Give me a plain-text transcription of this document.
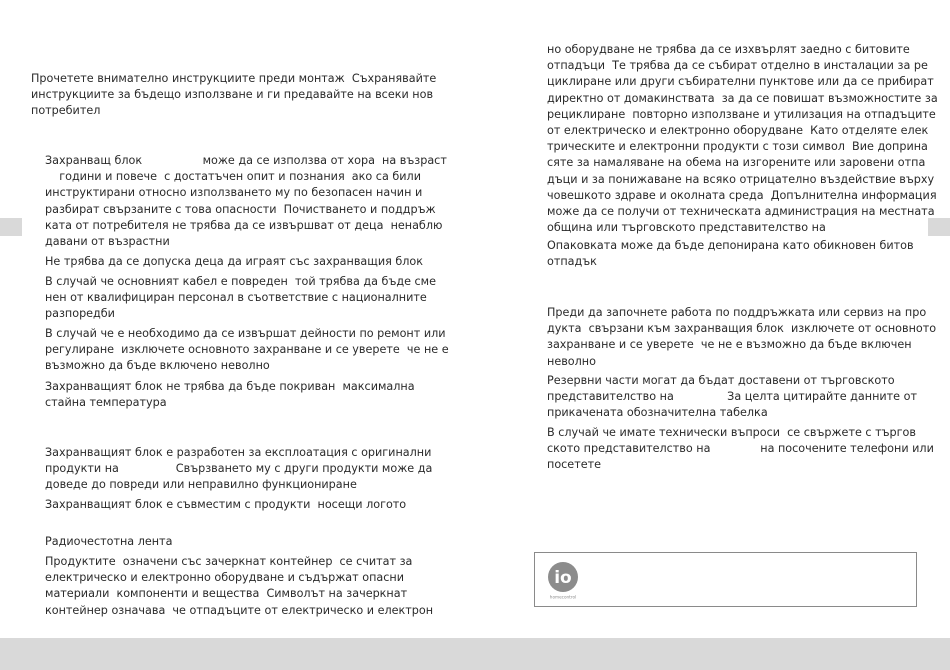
Прочетете внимателно инструкциите преди монтаж  Съхранявайте
инструкциите за бъдещо използване и ги предавайте на всеки нов
потребител

Захранващ блок                 може да се използва от хора  на възраст
години и повече  с достатъчен опит и познания  ако са били
инструктирани относно използването му по безопасен начин и
разбират свързаните с това опасности  Почистването и поддръж
ката от потребителя не трябва да се извършват от деца  ненаблю
давани от възрастни

Не трябва да се допуска деца да играят със захранващия блок

В случай че основният кабел е повреден  той трябва да бъде сме
нен от квалифициран персонал в съответствие с националните
разпоредби

В случай че е необходимо да се извършат дейности по ремонт или
регулиране  изключете основното захранване и се уверете  че не е
възможно да бъде включено неволно

Захранващият блок не трябва да бъде покриван  максимална
стайна температура

Захранващият блок е разработен за експлоатация с оригинални
продукти на                Свързването му с други продукти може да
доведе до повреди или неправилно функциониране

Захранващият блок е съвместим с продукти  носещи логото

Радиочестотна лента

Продуктите  означени със зачеркнат контейнер  се считат за
електрическо и електронно оборудване и съдържат опасни
материали  компоненти и вещества  Символът на зачеркнат
контейнер означава  че отпадъците от електрическо и електрон

но оборудване не трябва да се изхвърлят заедно с битовите
отпадъци  Те трябва да се събират отделно в инсталации за ре
циклиране или други събирателни пунктове или да се прибират
директно от домакинствата  за да се повишат възможностите за
рециклиране  повторно използване и утилизация на отпадъците
от електрическо и електронно оборудване  Като отделяте елек
трическите и електронни продукти с този символ  Вие доприна
сяте за намаляване на обема на изгорените или заровени отпа
дъци и за понижаване на всяко отрицателно въздействие върху
човешкото здраве и околната среда  Допълнителна информация
може да се получи от техническата администрация на местната
община или търговското представителство на

Опаковката може да бъде депонирана като обикновен битов
отпадък

Преди да започнете работа по поддръжката или сервиз на про
дукта  свързани към захранващия блок  изключете от основното
захранване и се уверете  че не е възможно да бъде включен
неволно

Резервни части могат да бъдат доставени от търговското
представителство на               За целта цитирайте данните от
прикачената обозначителна табелка

В случай че имате технически въпроси  се свържете с търгов
ското представителство на              на посочените телефони или
посетете

io
homecontrol
